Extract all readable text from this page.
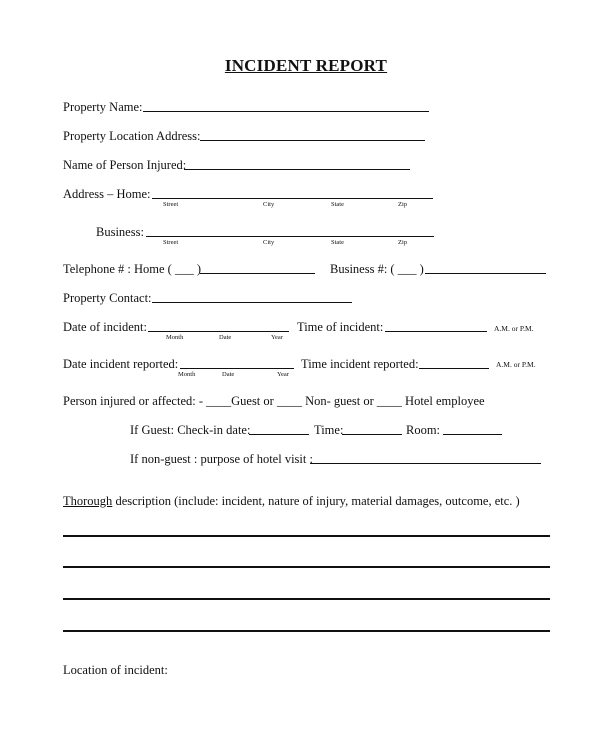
INCIDENT REPORT
Property Name:
Property Location Address:
Name of Person Injured:
Address – Home:
Street	City	State	Zip
Business:
Street	City	State	Zip
Telephone # : Home ( ___ )	Business #: ( ___ )
Property Contact:
Date of incident:
Month	Date	Year
Time of incident:	A.M. or P.M.
Date incident reported:
Month	Date	Year
Time incident reported:	A.M. or P.M.
Person injured or affected: - ____Guest or ____ Non- guest or ____ Hotel employee
If Guest: Check-in date:	Time:	Room:
If non-guest : purpose of hotel visit :
Thorough description (include: incident, nature of injury, material damages, outcome, etc. )
Location of incident:
